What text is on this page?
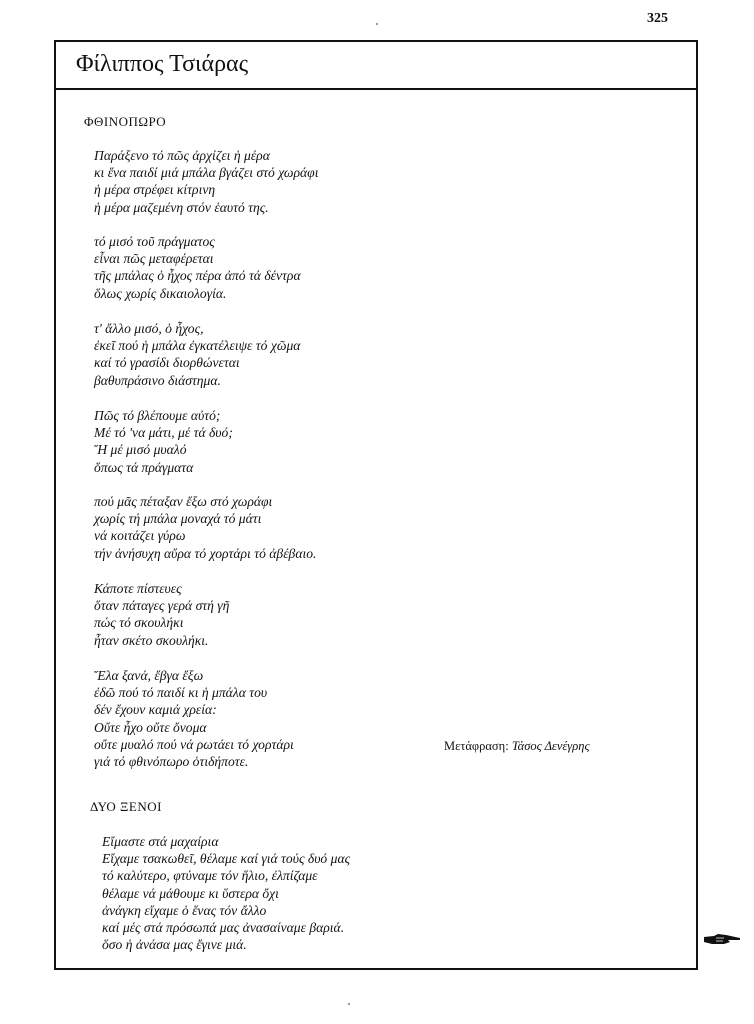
325
Φίλιππος Τσιάρας
ΦΘΙΝΟΠΩΡΟ
Παράξενο τό πῶς ἀρχίζει ἡ μέρα
κι ἕνα παιδί μιά μπάλα βγάζει στό χωράφι
ἡ μέρα στρέφει κίτρινη
ἡ μέρα μαζεμένη στόν ἑαυτό της.
τό μισό τοῦ πράγματος
εἶναι πῶς μεταφέρεται
τῆς μπάλας ὁ ἦχος πέρα ἀπό τά δέντρα
ὅλως χωρίς δικαιολογία.
τ' ἄλλο μισό, ὁ ἦχος,
ἐκεῖ πού ἡ μπάλα ἐγκατέλειψε τό χῶμα
καί τό γρασίδι διορθώνεται
βαθυπράσινο διάστημα.
Πῶς τό βλέπουμε αὐτό;
Μέ τό 'να μάτι, μέ τά δυό;
Ἤ μέ μισό μυαλό
ὅπως τά πράγματα
πού μᾶς πέταξαν ἔξω στό χωράφι
χωρίς τή μπάλα μοναχά τό μάτι
νά κοιτάζει γύρω
τήν ἀνήσυχη αὔρα τό χορτάρι τό ἀβέβαιο.
Κάποτε πίστευες
ὅταν πάταγες γερά στή γῆ
πώς τό σκουλήκι
ἦταν σκέτο σκουλήκι.
Ἔλα ξανά, ἔβγα ἔξω
ἐδῶ πού τό παιδί κι ἡ μπάλα του
δέν ἔχουν καμιά χρεία:
Οὔτε ἦχο οὔτε ὄνομα
οὔτε μυαλό πού νά ρωτάει τό χορτάρι
γιά τό φθινόπωρο ὁτιδήποτε.
Μετάφραση: Τάσος Δενέγρης
ΔΥΟ ΞΕΝΟΙ
Εἴμαστε στά μαχαίρια
Εἴχαμε τσακωθεῖ, θέλαμε καί γιά τούς δυό μας
τό καλύτερο, φτύναμε τόν ἥλιο, ἐλπίζαμε
θέλαμε νά μάθουμε κι ὕστερα ὄχι
ἀνάγκη εἴχαμε ὁ ἕνας τόν ἄλλο
καί μές στά πρόσωπά μας ἀνασαίναμε βαριά.
ὅσο ἡ ἀνάσα μας ἔγινε μιά.
